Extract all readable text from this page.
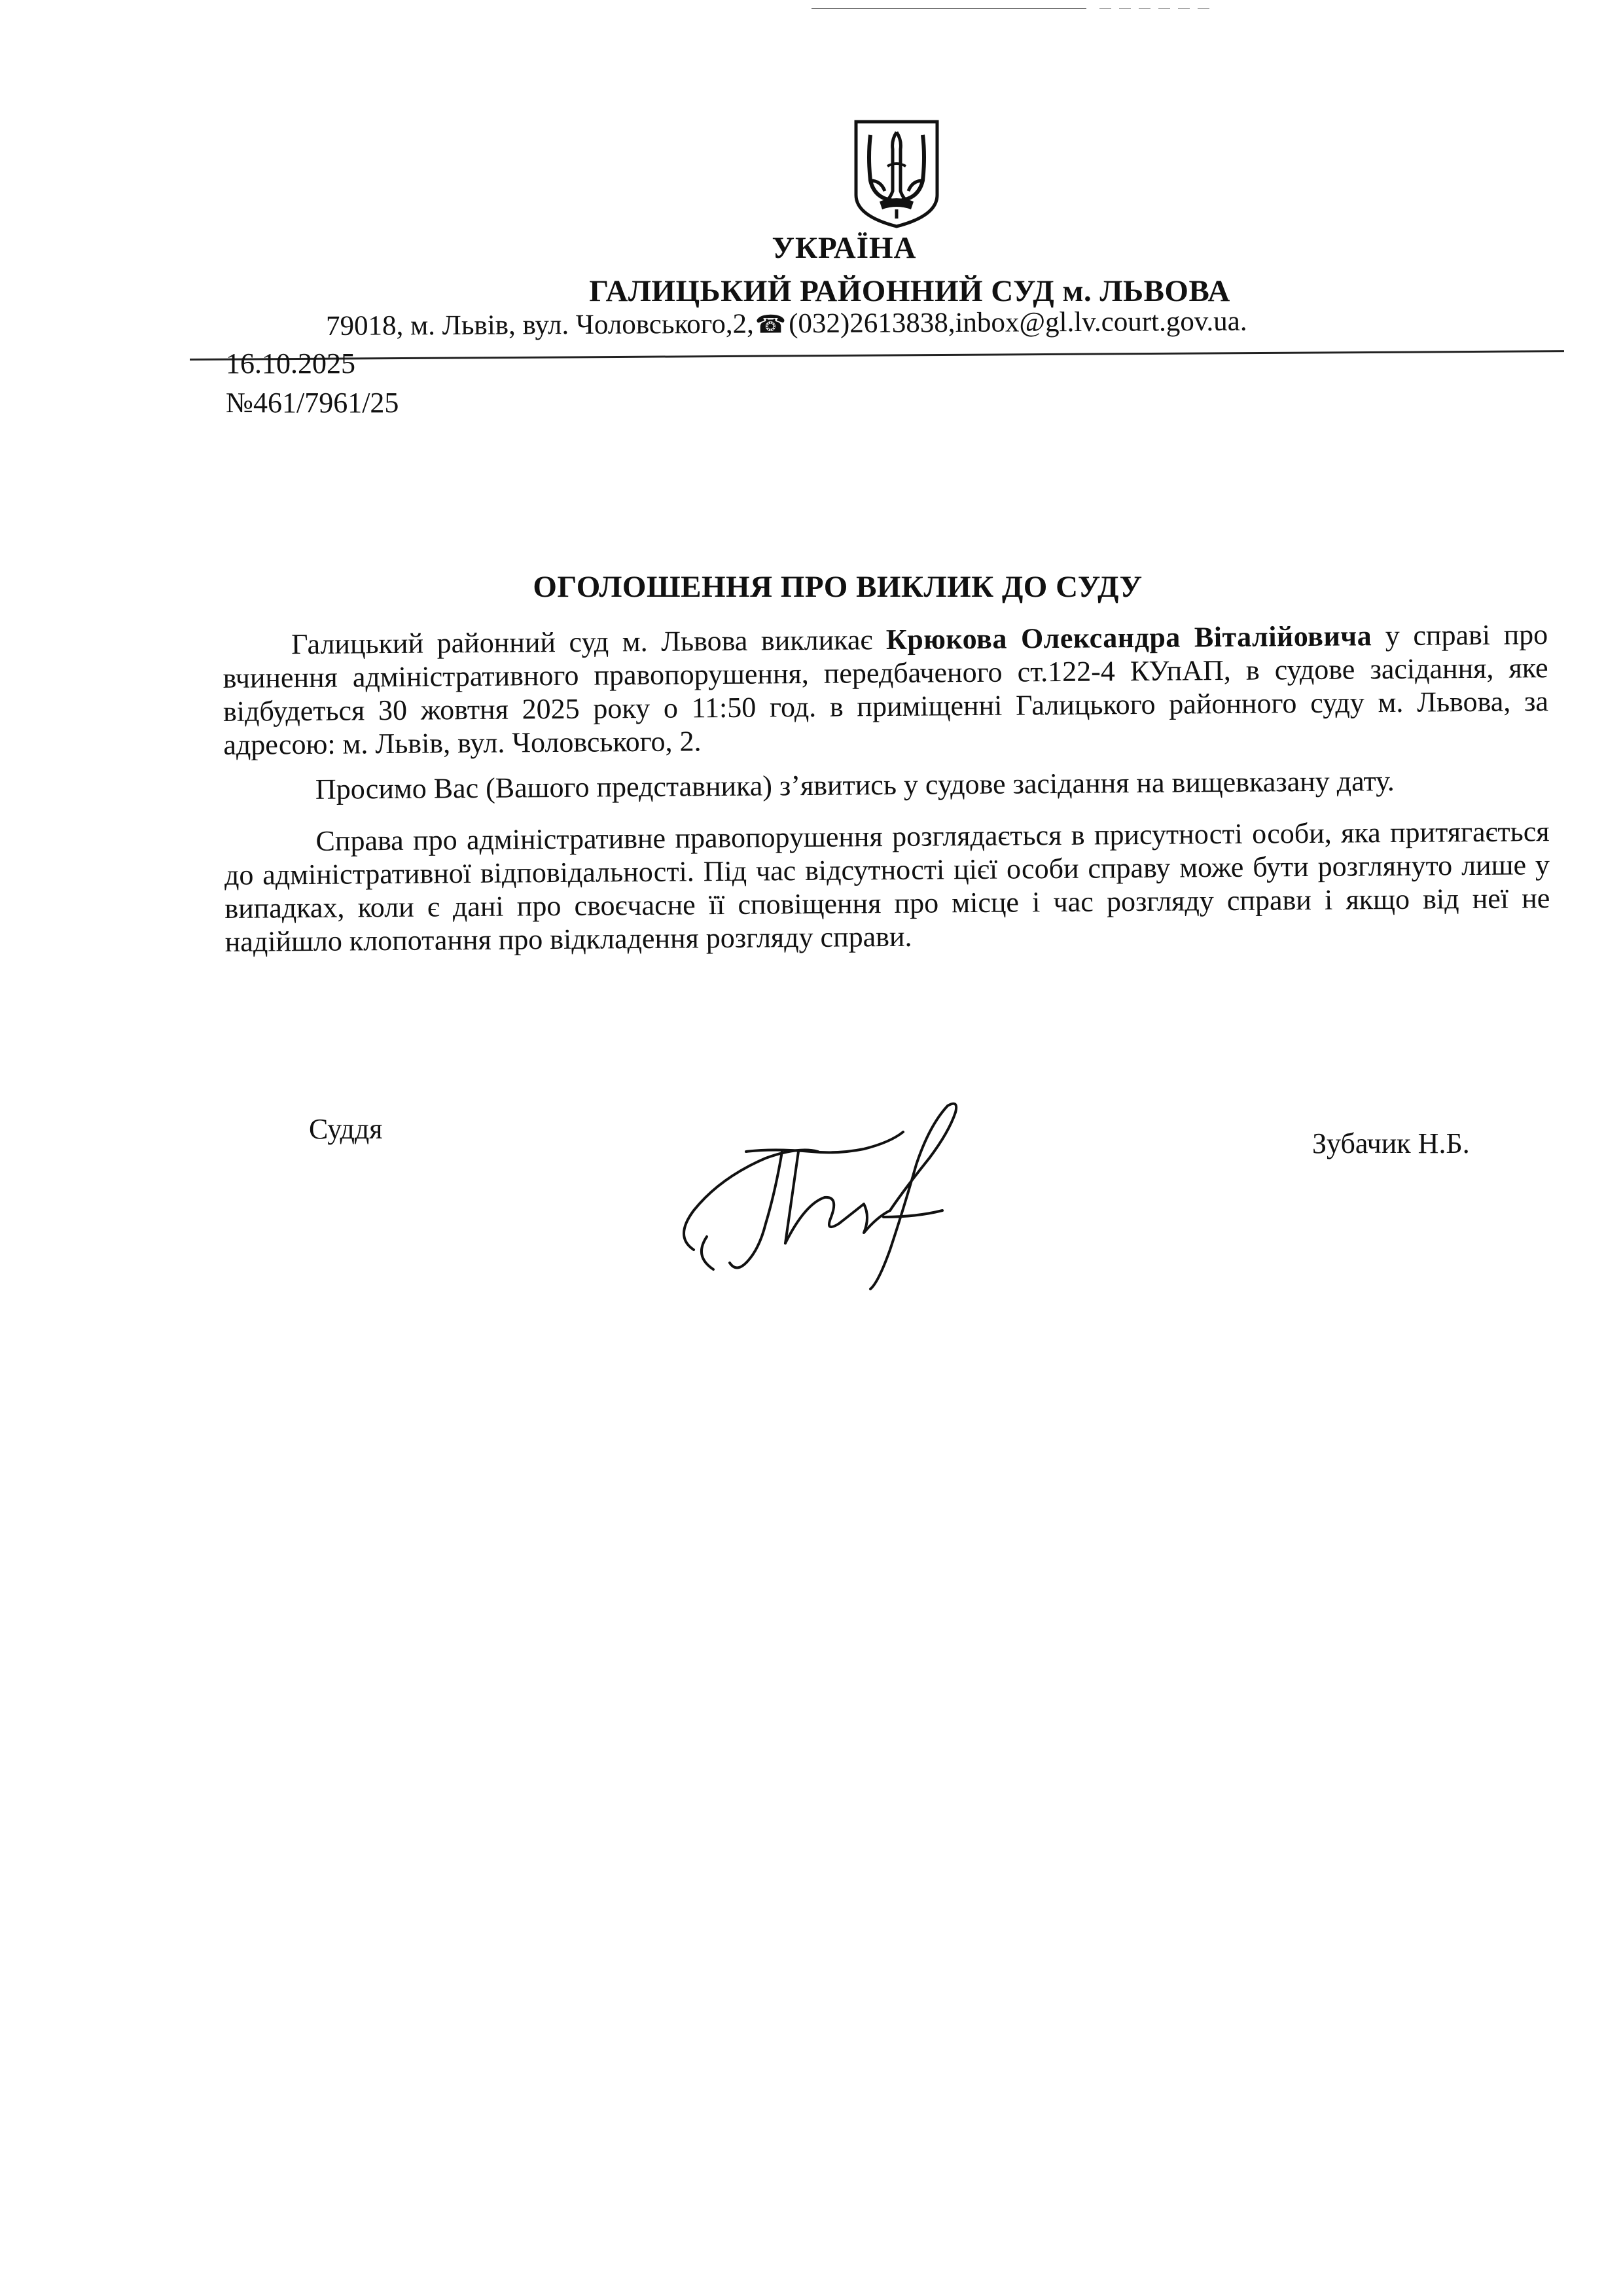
УКРАЇНА
ГАЛИЦЬКИЙ РАЙОННИЙ СУД м. ЛЬВОВА
79018, м. Львів, вул. Чоловського,2,☎(032)2613838,inbox@gl.lv.court.gov.ua.
16.10.2025
№461/7961/25
ОГОЛОШЕННЯ ПРО ВИКЛИК ДО СУДУ

Галицький районний суд м. Львова викликає Крюкова Олександра Віталійовича у справі про вчинення адміністративного правопорушення, передбаченого ст.122-4 КУпАП, в судове засідання, яке відбудеться 30 жовтня 2025 року о 11:50 год. в приміщенні Галицького районного суду м. Львова, за адресою: м. Львів, вул. Чоловського, 2.

Просимо Вас (Вашого представника) з’явитись у судове засідання на вищевказану дату.

Справа про адміністративне правопорушення розглядається в присутності особи, яка притягається до адміністративної відповідальності. Під час відсутності цієї особи справу може бути розглянуто лише у випадках, коли є дані про своєчасне її сповіщення про місце і час розгляду справи і якщо від неї не надійшло клопотання про відкладення розгляду справи.

Суддя	Зубачик Н.Б.
